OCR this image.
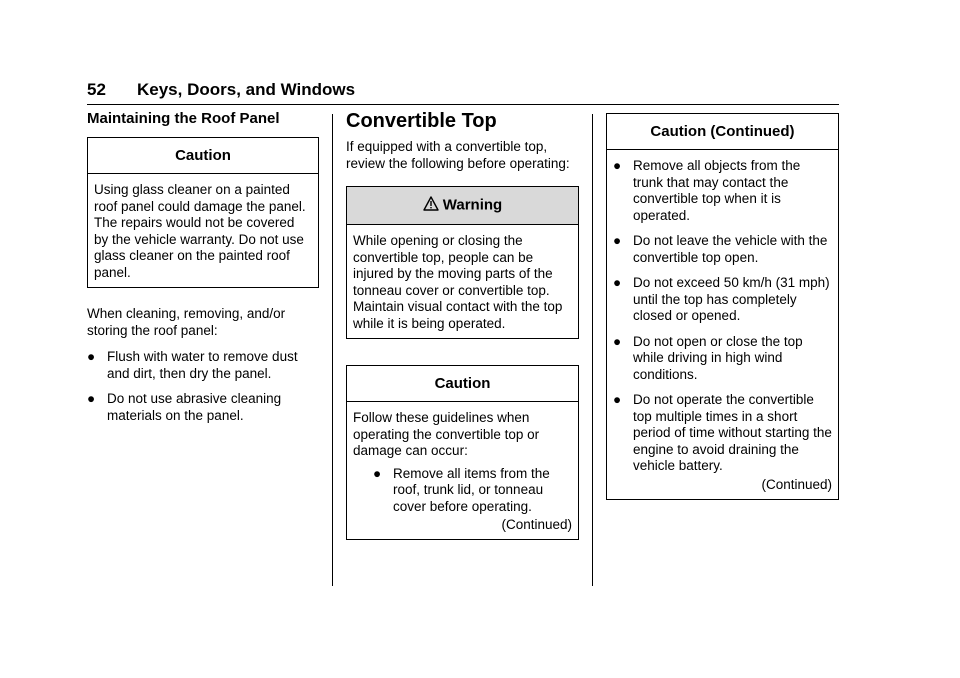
52 Keys, Doors, and Windows
Maintaining the Roof Panel
Caution

Using glass cleaner on a painted roof panel could damage the panel. The repairs would not be covered by the vehicle warranty. Do not use glass cleaner on the painted roof panel.

When cleaning, removing, and/or storing the roof panel:

● Flush with water to remove dust and dirt, then dry the panel.
● Do not use abrasive cleaning materials on the panel.
Convertible Top

If equipped with a convertible top, review the following before operating:

Warning

While opening or closing the convertible top, people can be injured by the moving parts of the tonneau cover or convertible top. Maintain visual contact with the top while it is being operated.

Caution

Follow these guidelines when operating the convertible top or damage can occur:

● Remove all items from the roof, trunk lid, or tonneau cover before operating.
(Continued)
Caution (Continued)
● Remove all objects from the trunk that may contact the convertible top when it is operated.
● Do not leave the vehicle with the convertible top open.
● Do not exceed 50 km/h (31 mph) until the top has completely closed or opened.
● Do not open or close the top while driving in high wind conditions.
● Do not operate the convertible top multiple times in a short period of time without starting the engine to avoid draining the vehicle battery.
(Continued)
